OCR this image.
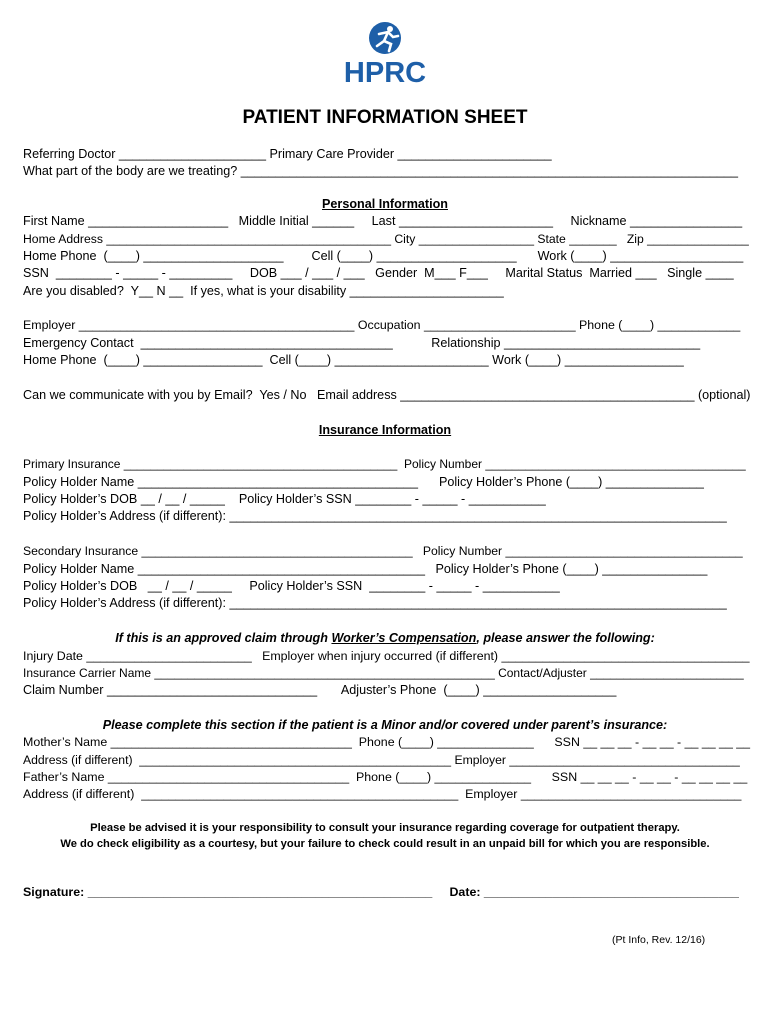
HPRC
PATIENT INFORMATION SHEET
Referring Doctor _____________________ Primary Care Provider ______________________
What part of the body are we treating? _______________________________________________________________________
Personal Information
First Name ____________________   Middle Initial ______     Last ______________________     Nickname ________________
Home Address __________________________________________ City _________________ State _______   Zip _______________
Home Phone  (____) ____________________        Cell (____) ____________________      Work (____) ___________________
SSN  ________ - _____ - _________     DOB ___ / ___ / ___   Gender  M___ F___     Marital Status  Married ___   Single ____
Are you disabled?  Y__ N __  If yes, what is your disability ______________________
Employer ________________________________________ Occupation ______________________ Phone (____) ____________
Emergency Contact  ____________________________________           Relationship ____________________________
Home Phone  (____) _________________  Cell (____) ______________________ Work (____) _________________
Can we communicate with you by Email?  Yes / No   Email address __________________________________________ (optional)
Insurance Information
Primary Insurance _________________________________________  Policy Number _______________________________________
Policy Holder Name ________________________________________      Policy Holder’s Phone (____) ______________
Policy Holder’s DOB __ / __ / _____    Policy Holder’s SSN ________ - _____ - ___________
Policy Holder’s Address (if different): _______________________________________________________________________
Secondary Insurance ________________________________________   Policy Number ___________________________________
Policy Holder Name _________________________________________   Policy Holder’s Phone (____) _______________
Policy Holder’s DOB   __ / __ / _____     Policy Holder’s SSN  ________ - _____ - ___________
Policy Holder’s Address (if different): _______________________________________________________________________
If this is an approved claim through Worker’s Compensation, please answer the following:
Injury Date ________________________   Employer when injury occurred (if different) ____________________________________
Insurance Carrier Name ___________________________________________________ Contact/Adjuster _______________________
Claim Number ______________________________       Adjuster’s Phone  (____) ___________________
Please complete this section if the patient is a Minor and/or covered under parent’s insurance:
Mother’s Name ___________________________________  Phone (____) ______________      SSN __ __ __ - __ __ - __ __ __ __
Address (if different)  ______________________________________________ Employer __________________________________
Father’s Name ___________________________________  Phone (____) ______________      SSN __ __ __ - __ __ - __ __ __ __
Address (if different)  ______________________________________________  Employer ________________________________
Please be advised it is your responsibility to consult your insurance regarding coverage for outpatient therapy.
We do check eligibility as a courtesy, but your failure to check could result in an unpaid bill for which you are responsible.
Signature: __________________________________________________     Date: _____________________________________
(Pt Info, Rev. 12/16)
